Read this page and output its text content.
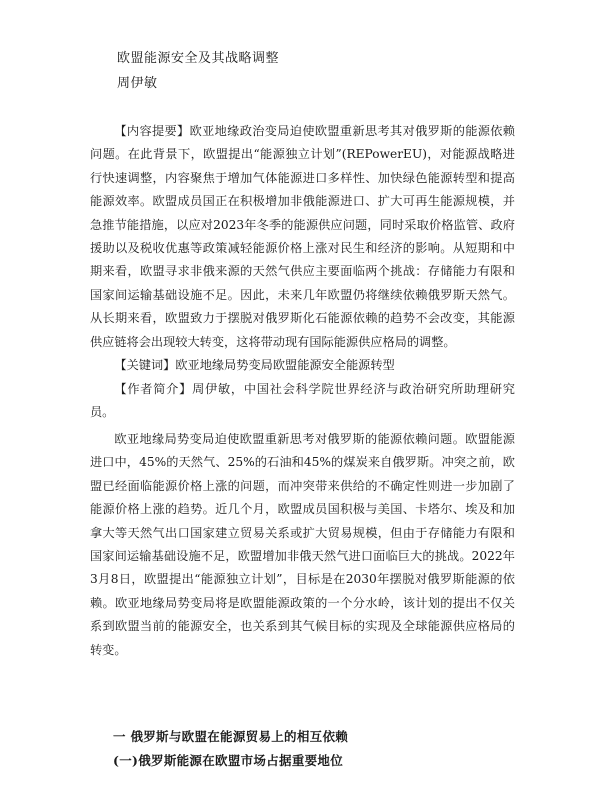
欧盟能源安全及其战略调整
周伊敏

【内容提要】欧亚地缘政治变局迫使欧盟重新思考其对俄罗斯的能源依赖问题。在此背景下，欧盟提出“能源独立计划”(REPowerEU)，对能源战略进行快速调整，内容聚焦于增加气体能源进口多样性、加快绿色能源转型和提高能源效率。欧盟成员国正在积极增加非俄能源进口、扩大可再生能源规模，并急推节能措施，以应对2023年冬季的能源供应问题，同时采取价格监管、政府援助以及税收优惠等政策减轻能源价格上涨对民生和经济的影响。从短期和中期来看，欧盟寻求非俄来源的天然气供应主要面临两个挑战：存储能力有限和国家间运输基础设施不足。因此，未来几年欧盟仍将继续依赖俄罗斯天然气。从长期来看，欧盟致力于摆脱对俄罗斯化石能源依赖的趋势不会改变，其能源供应链将会出现较大转变，这将带动现有国际能源供应格局的调整。

【关键词】欧亚地缘局势变局欧盟能源安全能源转型

【作者简介】周伊敏，中国社会科学院世界经济与政治研究所助理研究员。

欧亚地缘局势变局迫使欧盟重新思考对俄罗斯的能源依赖问题。欧盟能源进口中，45%的天然气、25%的石油和45%的煤炭来自俄罗斯。冲突之前，欧盟已经面临能源价格上涨的问题，而冲突带来供给的不确定性则进一步加剧了能源价格上涨的趋势。近几个月，欧盟成员国积极与美国、卡塔尔、埃及和加拿大等天然气出口国家建立贸易关系或扩大贸易规模，但由于存储能力有限和国家间运输基础设施不足，欧盟增加非俄天然气进口面临巨大的挑战。2022年3月8日，欧盟提出“能源独立计划”，目标是在2030年摆脱对俄罗斯能源的依赖。欧亚地缘局势变局将是欧盟能源政策的一个分水岭，该计划的提出不仅关系到欧盟当前的能源安全，也关系到其气候目标的实现及全球能源供应格局的转变。

一 俄罗斯与欧盟在能源贸易上的相互依赖
(一)俄罗斯能源在欧盟市场占据重要地位
